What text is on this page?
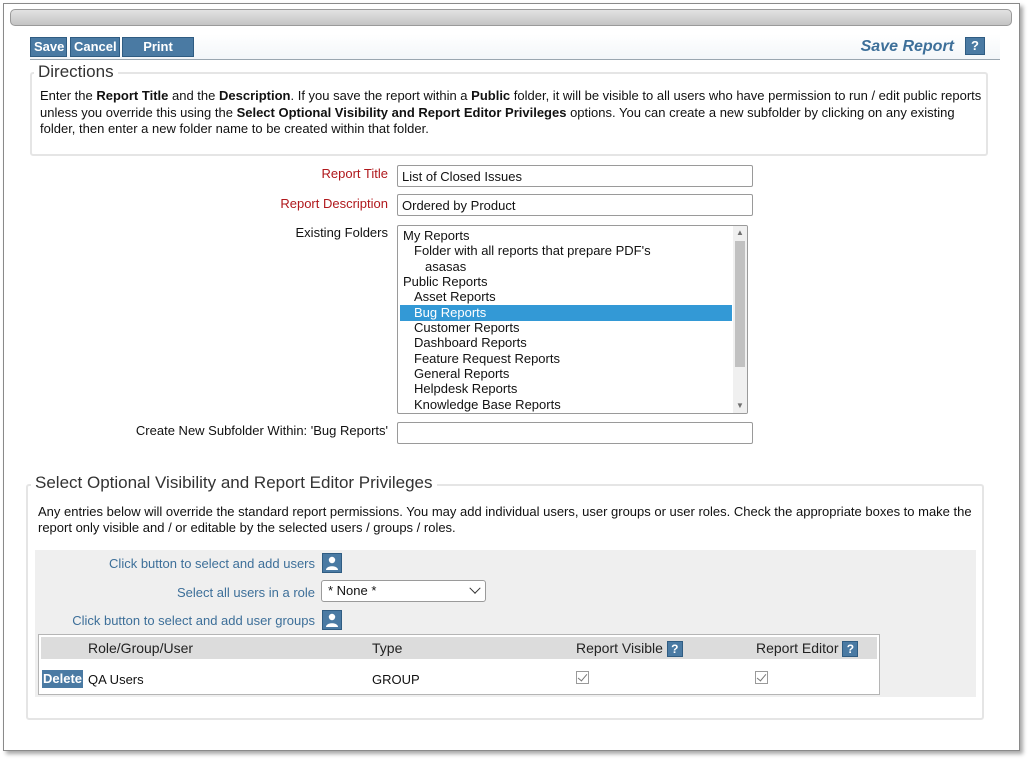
Save Cancel	Print Page
Save Report	?
Enter the Report Title and the Description. If you save the report within a Public folder, it will be visible to all users who have permission to run / edit public reports unless you override this using the Select Optional Visibility and Report Editor Privileges options. You can create a new subfolder by clicking on any existing folder, then enter a new folder name to be created within that folder.
Directions
Report Title
List of Closed Issues
Report Description
Ordered by Product
Existing Folders My Reports
Folder with all reports that prepare PDF's
asasas
Public Reports
Asset Reports
Bug Reports
Customer Reports
Dashboard Reports
Feature Request Reports
General Reports
Helpdesk Reports
Knowledge Base Reports
▲
▼
Create New Subfolder Within: 'Bug Reports'
Any entries below will override the standard report permissions. You may add individual users, user groups or user roles. Check the appropriate boxes to make the report only visible and / or editable by the selected users / groups / roles.
Click button to select and add users
Select all users in a role	* None *
Click button to select and add user groups
Role/Group/User	Type	Report Visible ?	Report Editor ?
Delete QA Users	GROUP
Select Optional Visibility and Report Editor Privileges
